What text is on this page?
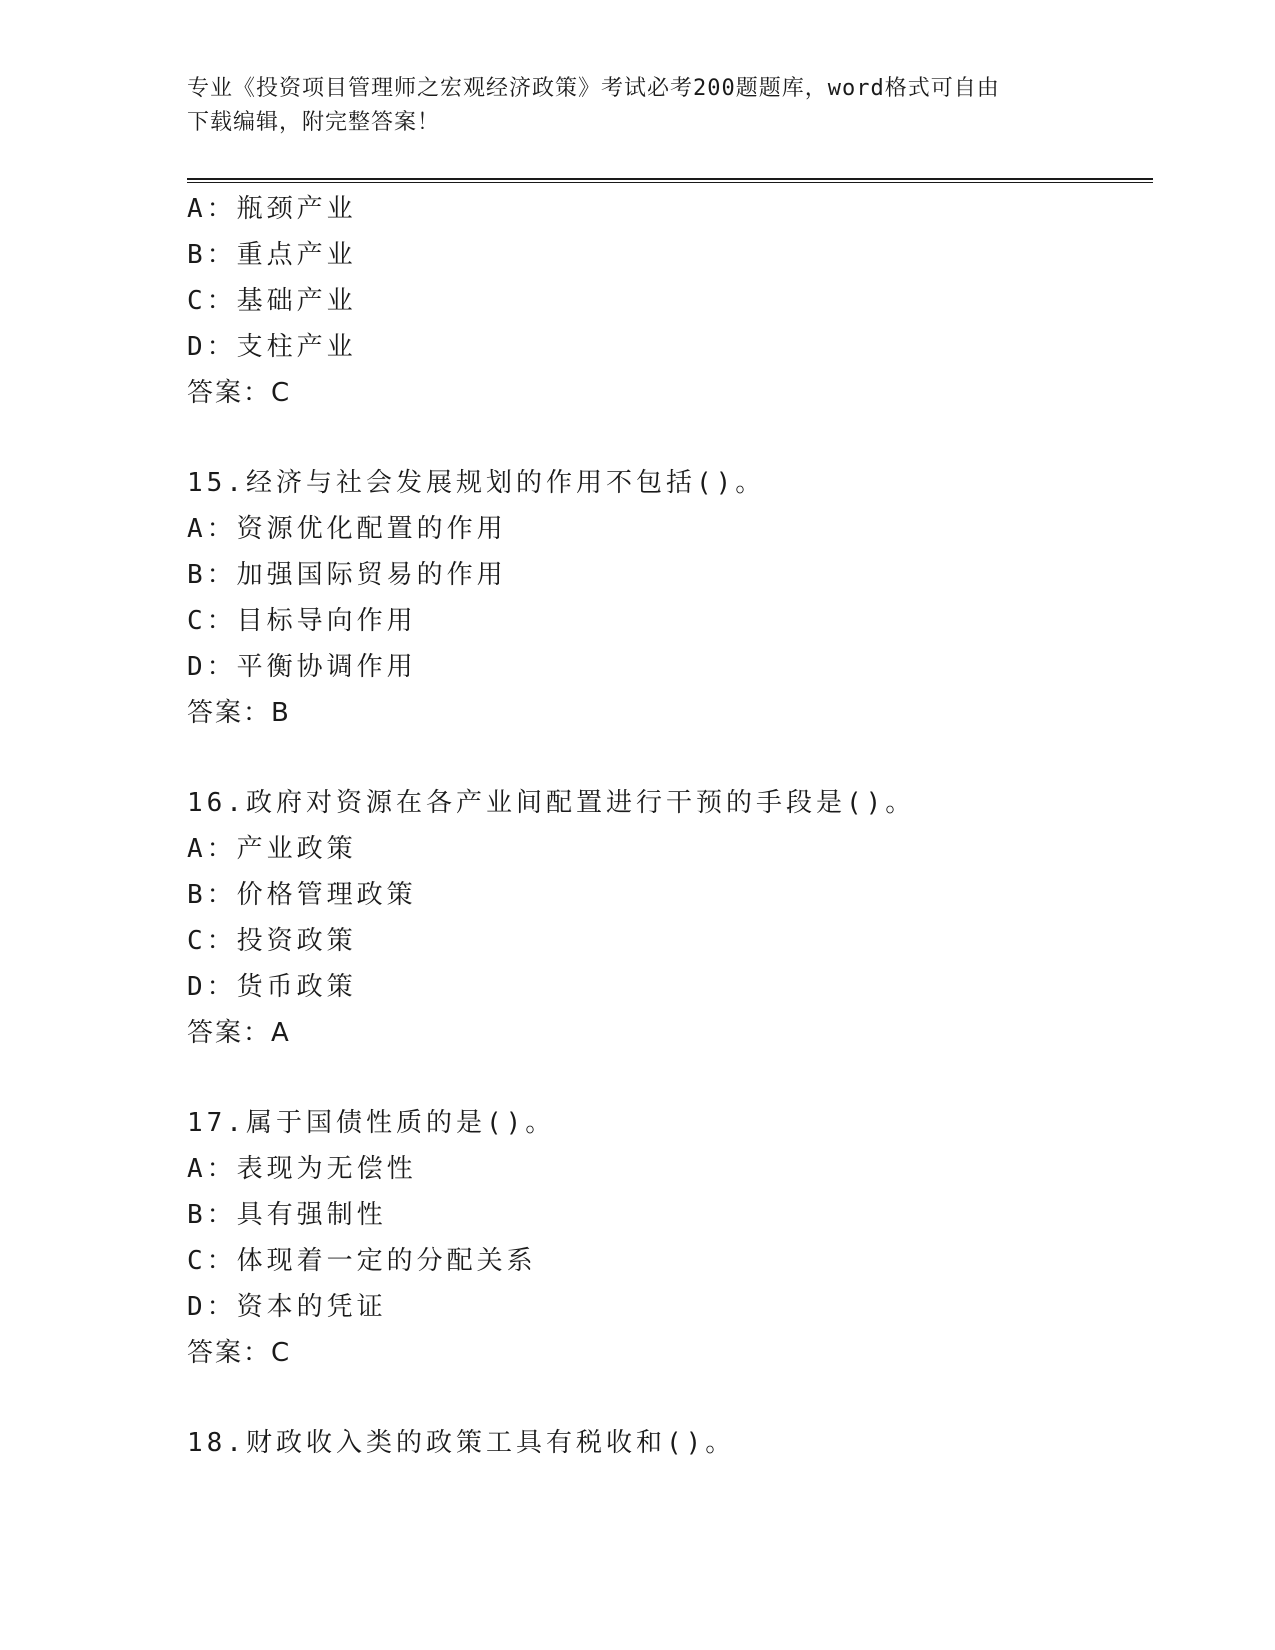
专业《投资项目管理师之宏观经济政策》考试必考200题题库，word格式可自由
下载编辑，附完整答案！
A：瓶颈产业
B：重点产业
C：基础产业
D：支柱产业
答案：C
15.经济与社会发展规划的作用不包括()。
A：资源优化配置的作用
B：加强国际贸易的作用
C：目标导向作用
D：平衡协调作用
答案：B
16.政府对资源在各产业间配置进行干预的手段是()。
A：产业政策
B：价格管理政策
C：投资政策
D：货币政策
答案：A
17.属于国债性质的是()。
A：表现为无偿性
B：具有强制性
C：体现着一定的分配关系
D：资本的凭证
答案：C
18.财政收入类的政策工具有税收和()。
